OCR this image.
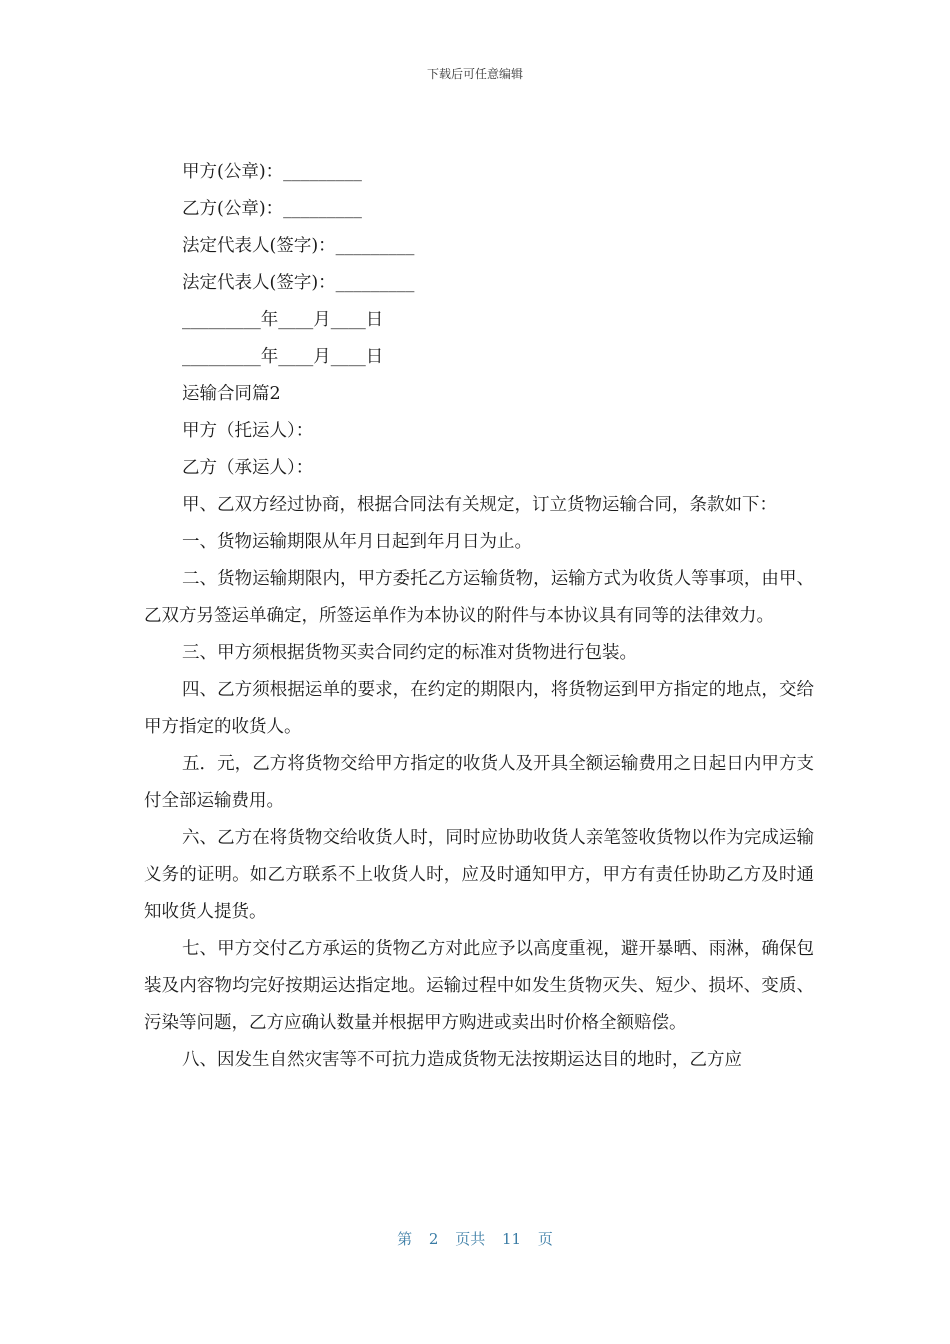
下载后可任意编辑
甲方(公章)：_________
乙方(公章)：_________
法定代表人(签字)：_________
法定代表人(签字)：_________
_________年____月____日
_________年____月____日
运输合同篇2
甲方（托运人）：
乙方（承运人）：
甲、乙双方经过协商，根据合同法有关规定，订立货物运输合同，条款如下：
一、货物运输期限从年月日起到年月日为止。
二、货物运输期限内，甲方委托乙方运输货物，运输方式为收货人等事项，由甲、乙双方另签运单确定，所签运单作为本协议的附件与本协议具有同等的法律效力。
三、甲方须根据货物买卖合同约定的标准对货物进行包装。
四、乙方须根据运单的要求，在约定的期限内，将货物运到甲方指定的地点，交给甲方指定的收货人。
五．元，乙方将货物交给甲方指定的收货人及开具全额运输费用之日起日内甲方支付全部运输费用。
六、乙方在将货物交给收货人时，同时应协助收货人亲笔签收货物以作为完成运输义务的证明。如乙方联系不上收货人时，应及时通知甲方，甲方有责任协助乙方及时通知收货人提货。
七、甲方交付乙方承运的货物乙方对此应予以高度重视，避开暴晒、雨淋，确保包装及内容物均完好按期运达指定地。运输过程中如发生货物灭失、短少、损坏、变质、污染等问题，乙方应确认数量并根据甲方购进或卖出时价格全额赔偿。
八、因发生自然灾害等不可抗力造成货物无法按期运达目的地时，乙方应
第 2 页共 11 页
